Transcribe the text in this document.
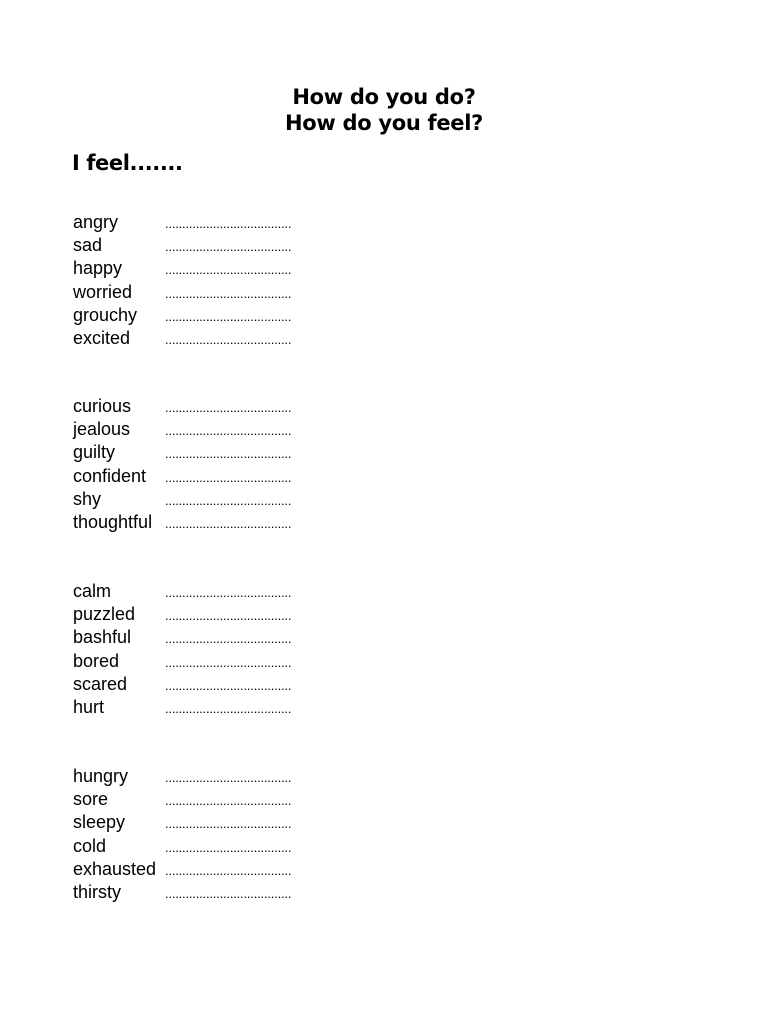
How do you do?
How do you feel?
I feel.......
angry	.....................................
sad	.....................................
happy	.....................................
worried	.....................................
grouchy	.....................................
excited	.....................................
curious	.....................................
jealous	.....................................
guilty	.....................................
confident	.....................................
shy	.....................................
thoughtful .....................................
calm	.....................................
puzzled	.....................................
bashful	.....................................
bored	.....................................
scared	.....................................
hurt	.....................................
hungry	.....................................
sore	.....................................
sleepy	.....................................
cold	.....................................
exhausted .....................................
thirsty	.....................................
